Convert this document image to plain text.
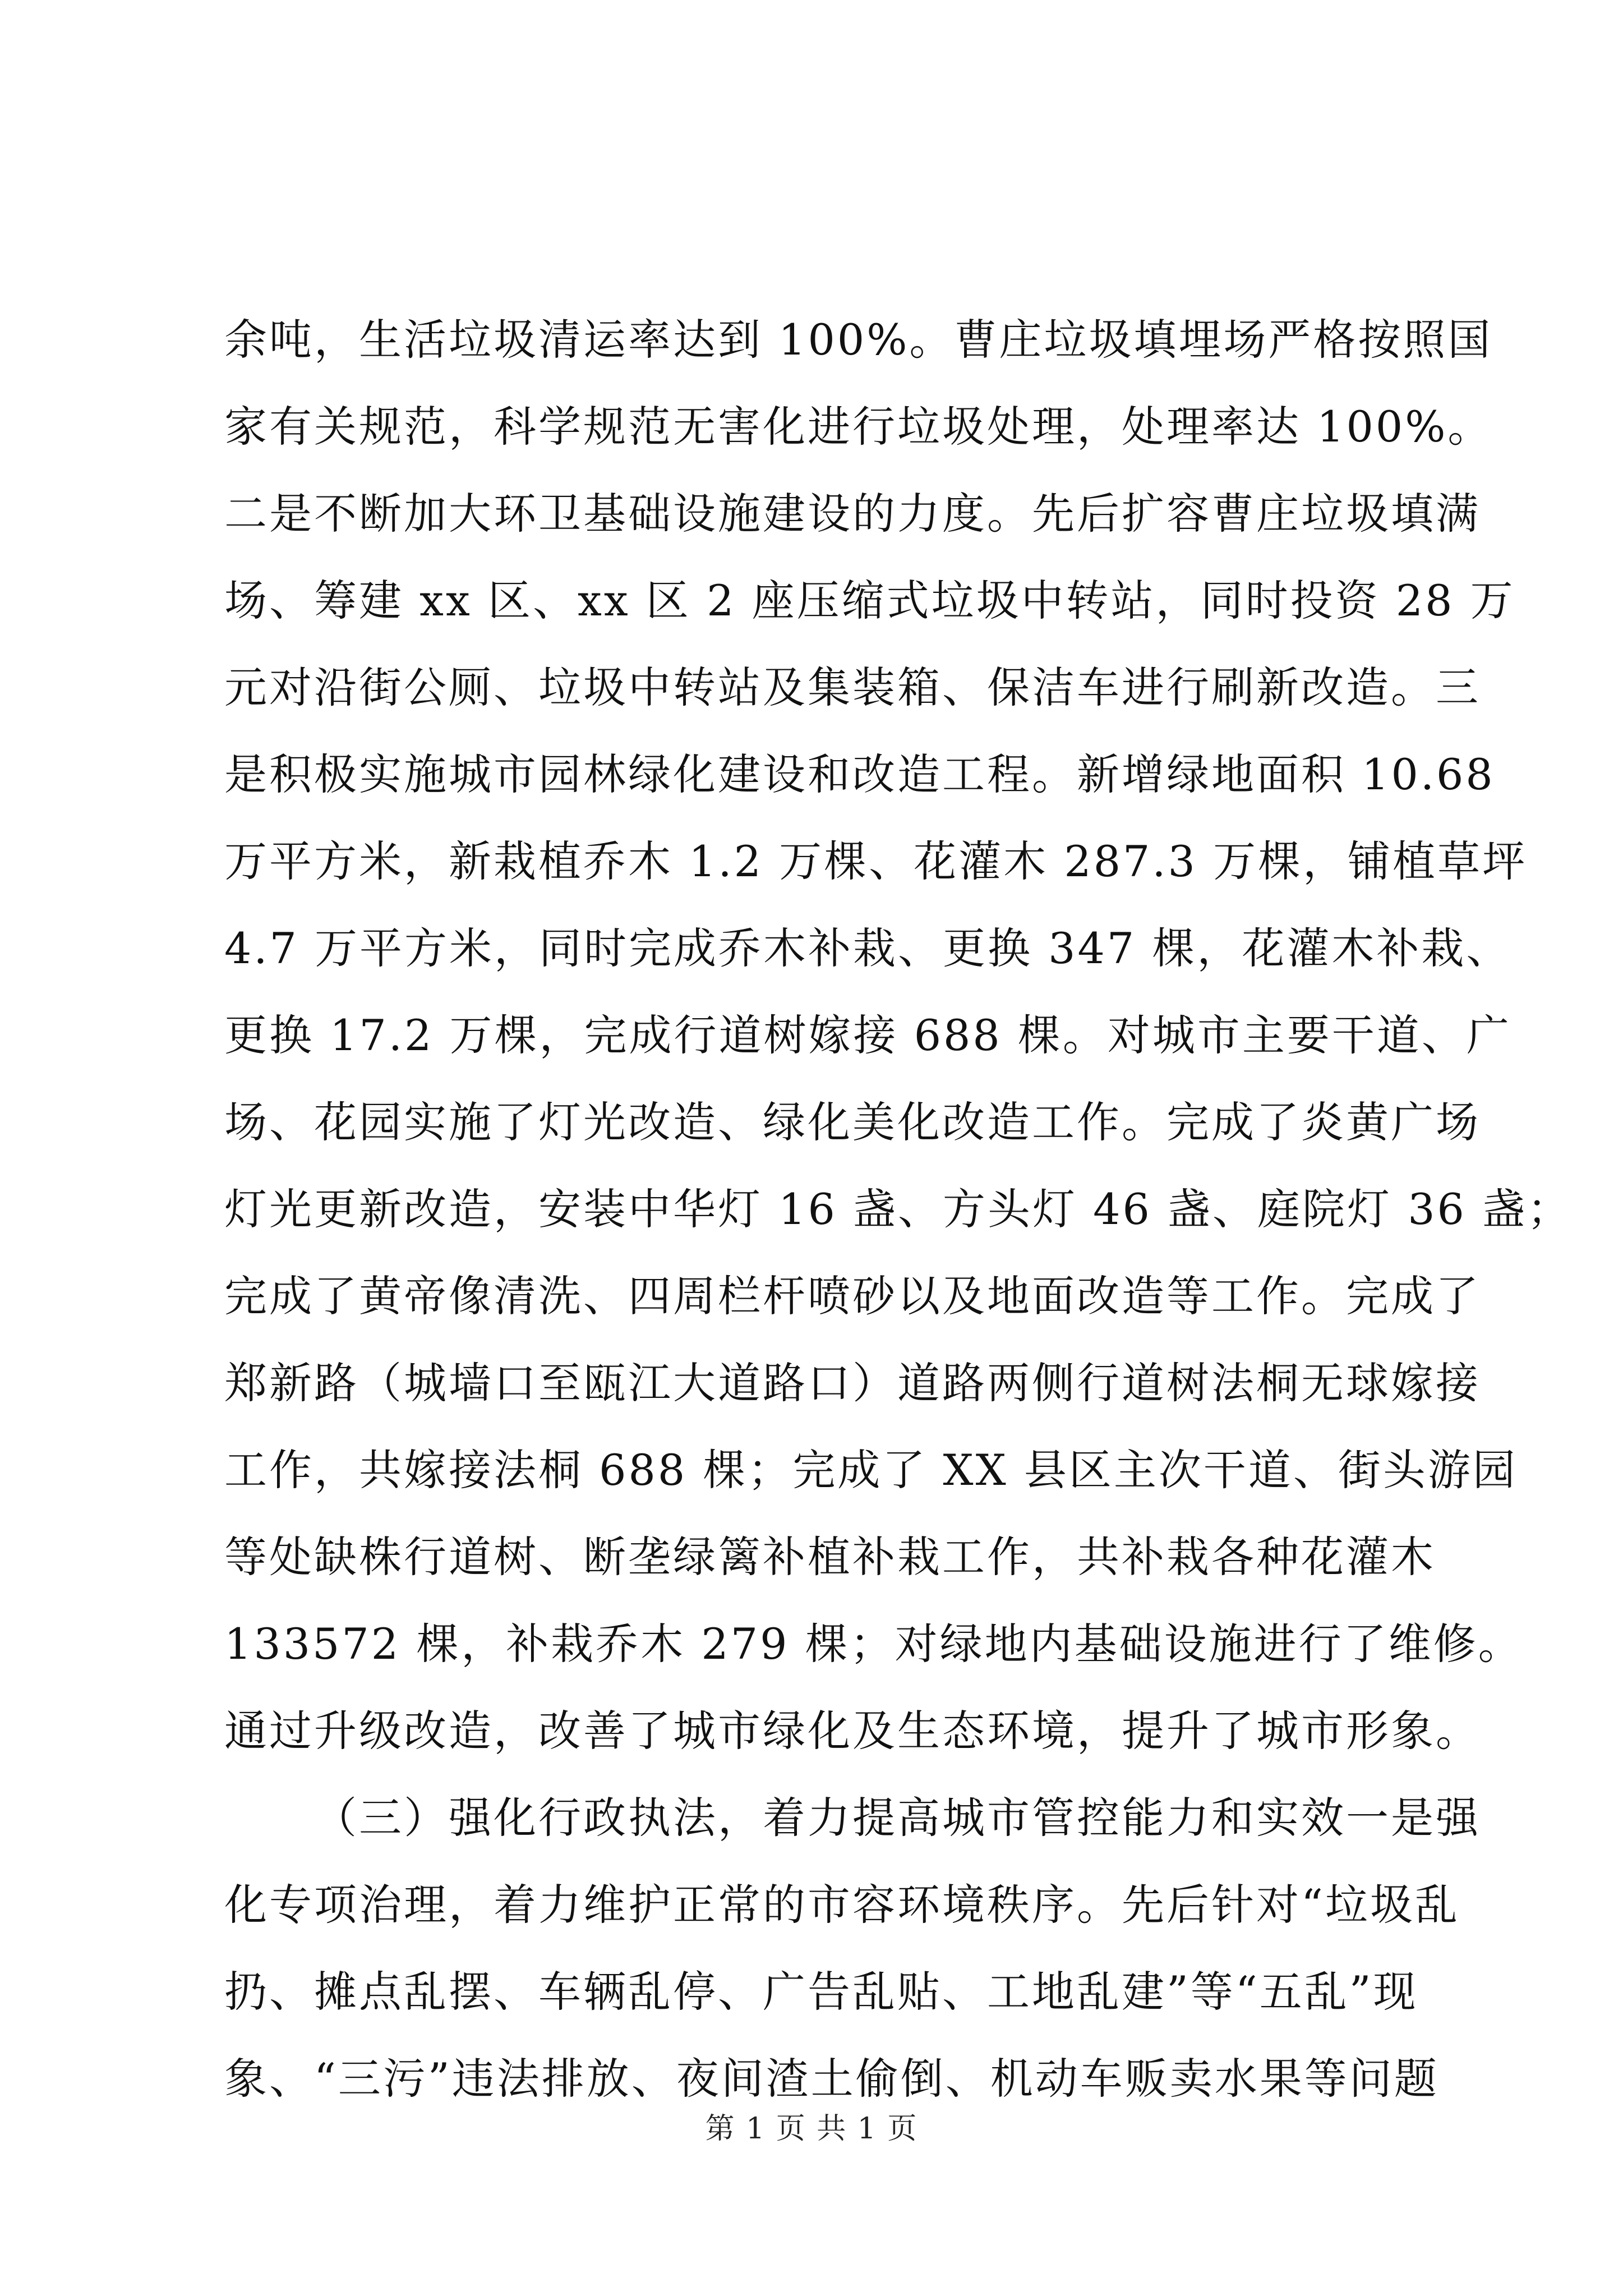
余吨，生活垃圾清运率达到 100%。曹庄垃圾填埋场严格按照国
家有关规范，科学规范无害化进行垃圾处理，处理率达 100%。
二是不断加大环卫基础设施建设的力度。先后扩容曹庄垃圾填满
场、筹建 xx 区、xx 区 2 座压缩式垃圾中转站，同时投资 28 万
元对沿街公厕、垃圾中转站及集装箱、保洁车进行刷新改造。三
是积极实施城市园林绿化建设和改造工程。新增绿地面积 10.68
万平方米，新栽植乔木 1.2 万棵、花灌木 287.3 万棵，铺植草坪
4.7 万平方米，同时完成乔木补栽、更换 347 棵，花灌木补栽、
更换 17.2 万棵，完成行道树嫁接 688 棵。对城市主要干道、广
场、花园实施了灯光改造、绿化美化改造工作。完成了炎黄广场
灯光更新改造，安装中华灯 16 盏、方头灯 46 盏、庭院灯 36 盏；
完成了黄帝像清洗、四周栏杆喷砂以及地面改造等工作。完成了
郑新路（城墙口至瓯江大道路口）道路两侧行道树法桐无球嫁接
工作，共嫁接法桐 688 棵；完成了 XX 县区主次干道、街头游园
等处缺株行道树、断垄绿篱补植补栽工作，共补栽各种花灌木
133572 棵，补栽乔木 279 棵；对绿地内基础设施进行了维修。
通过升级改造，改善了城市绿化及生态环境，提升了城市形象。
（三）强化行政执法，着力提高城市管控能力和实效一是强
化专项治理，着力维护正常的市容环境秩序。先后针对“垃圾乱
扔、摊点乱摆、车辆乱停、广告乱贴、工地乱建”等“五乱”现
象、“三污”违法排放、夜间渣土偷倒、机动车贩卖水果等问题
第 1 页 共 1 页
